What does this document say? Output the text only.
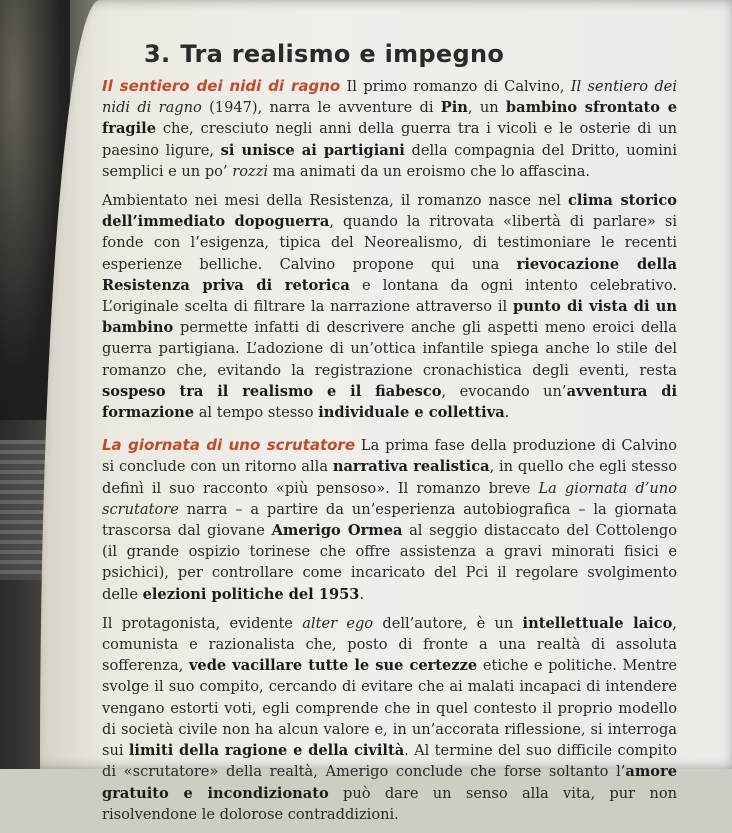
3. Tra realismo e impegno

Il sentiero dei nidi di ragno Il primo romanzo di Calvino, Il sentiero dei nidi di ragno (1947), narra le avventure di Pin, un bambino sfrontato e fragile che, cresciuto negli anni della guerra tra i vicoli e le osterie di un paesino ligure, si unisce ai partigiani della compagnia del Dritto, uomini semplici e un po’ rozzi ma animati da un eroismo che lo affascina.

Ambientato nei mesi della Resistenza, il romanzo nasce nel clima storico dell’immediato dopoguerra, quando la ritrovata «libertà di parlare» si fonde con l’esigenza, tipica del Neorealismo, di testimoniare le recenti esperienze belliche. Calvino propone qui una rievocazione della Resistenza priva di retorica e lontana da ogni intento celebrativo. L’originale scelta di filtrare la narrazione attraverso il punto di vista di un bambino permette infatti di descrivere anche gli aspetti meno eroici della guerra partigiana. L’adozione di un’ottica infantile spiega anche lo stile del romanzo che, evitando la registrazione cronachistica degli eventi, resta sospeso tra il realismo e il fiabesco, evocando un’avventura di formazione al tempo stesso individuale e collettiva.

La giornata di uno scrutatore La prima fase della produzione di Calvino si conclude con un ritorno alla narrativa realistica, in quello che egli stesso definì il suo racconto «più pensoso». Il romanzo breve La giornata d’uno scrutatore narra – a partire da un’esperienza autobiografica – la giornata trascorsa dal giovane Amerigo Ormea al seggio distaccato del Cottolengo (il grande ospizio torinese che offre assistenza a gravi minorati fisici e psichici), per controllare come incaricato del Pci il regolare svolgimento delle elezioni politiche del 1953.

Il protagonista, evidente alter ego dell’autore, è un intellettuale laico, comunista e razionalista che, posto di fronte a una realtà di assoluta sofferenza, vede vacillare tutte le sue certezze etiche e politiche. Mentre svolge il suo compito, cercando di evitare che ai malati incapaci di intendere vengano estorti voti, egli comprende che in quel contesto il proprio modello di società civile non ha alcun valore e, in un’accorata riflessione, si interroga sui limiti della ragione e della civiltà. Al termine del suo difficile compito di «scrutatore» della realtà, Amerigo conclude che forse soltanto l’amore gratuito e incondizionato può dare un senso alla vita, pur non risolvendone le dolorose contraddizioni.
